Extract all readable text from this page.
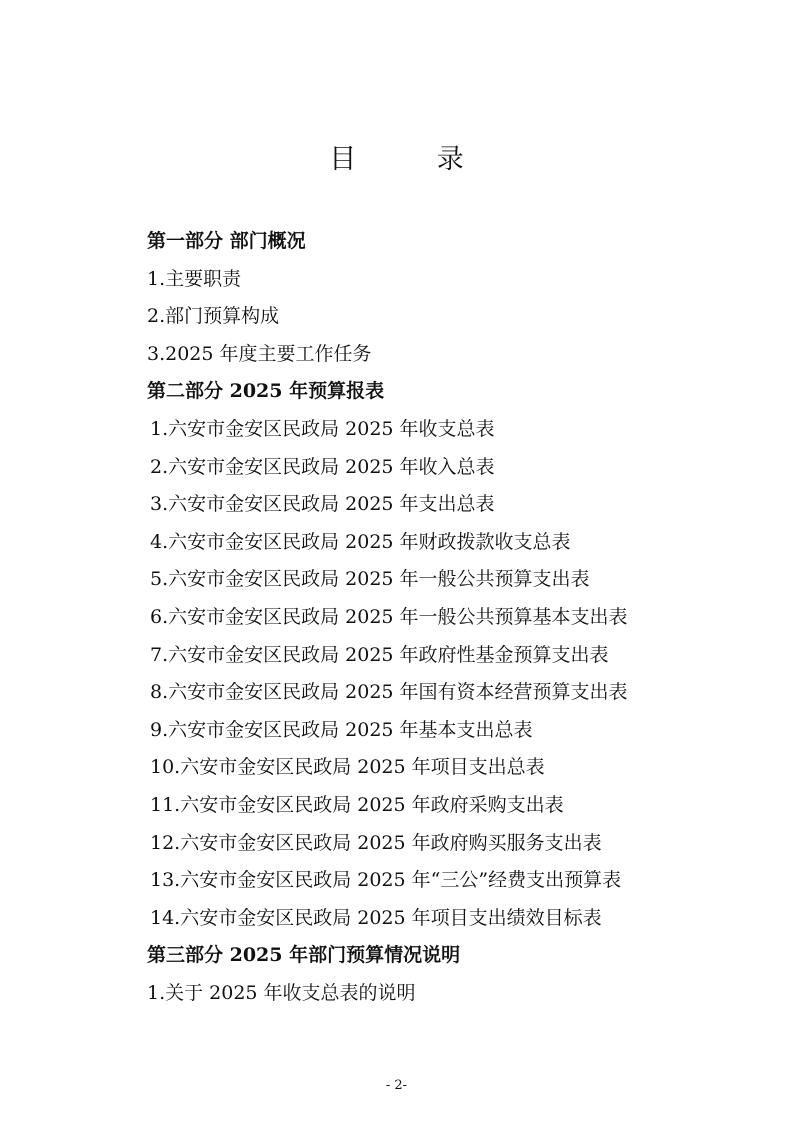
目 录
第一部分 部门概况
1.主要职责
2.部门预算构成
3.2025 年度主要工作任务
第二部分 2025 年预算报表
1.六安市金安区民政局 2025 年收支总表
2.六安市金安区民政局 2025 年收入总表
3.六安市金安区民政局 2025 年支出总表
4.六安市金安区民政局 2025 年财政拨款收支总表
5.六安市金安区民政局 2025 年一般公共预算支出表
6.六安市金安区民政局 2025 年一般公共预算基本支出表
7.六安市金安区民政局 2025 年政府性基金预算支出表
8.六安市金安区民政局 2025 年国有资本经营预算支出表
9.六安市金安区民政局 2025 年基本支出总表
10.六安市金安区民政局 2025 年项目支出总表
11.六安市金安区民政局 2025 年政府采购支出表
12.六安市金安区民政局 2025 年政府购买服务支出表
13.六安市金安区民政局 2025 年“三公”经费支出预算表
14.六安市金安区民政局 2025 年项目支出绩效目标表
第三部分 2025 年部门预算情况说明
1.关于 2025 年收支总表的说明
- 2-
